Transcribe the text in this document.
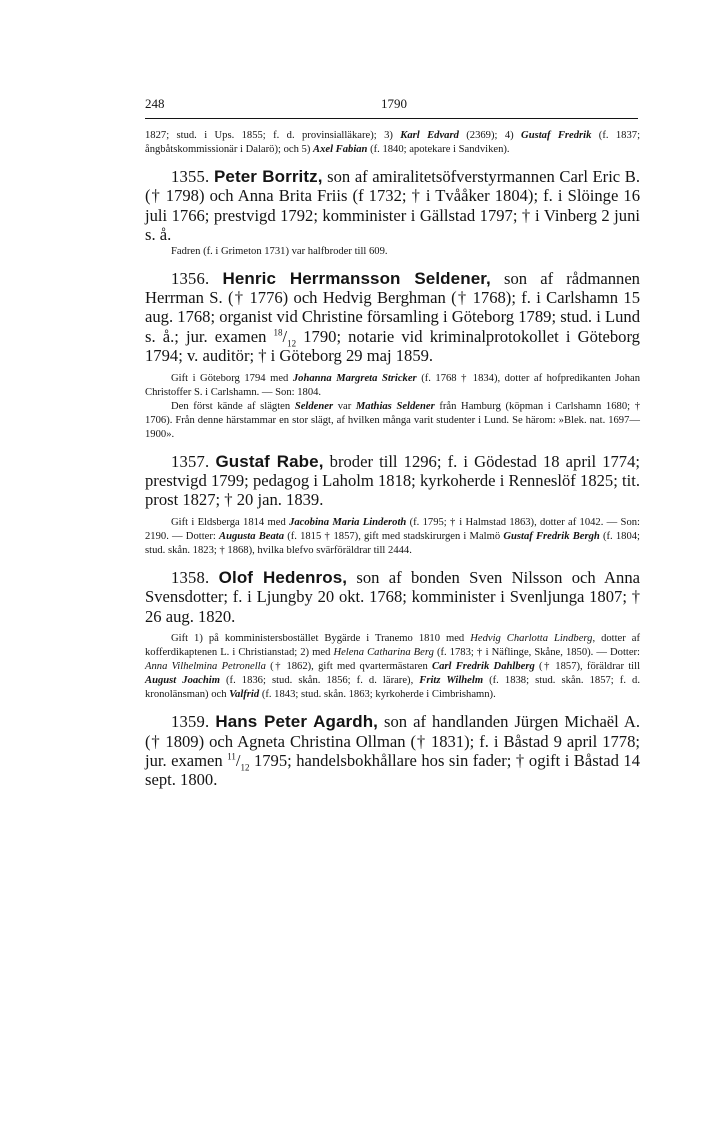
248	1790

1827; stud. i Ups. 1855; f. d. provinsialläkare); 3) Karl Edvard (2369); 4) Gustaf Fredrik (f. 1837; ångbåtskommissionär i Dalarö); och 5) Axel Fabian (f. 1840; apotekare i Sandviken).

1355. Peter Borritz, son af amiralitetsöfverstyrmannen Carl Eric B. († 1798) och Anna Brita Friis (f 1732; † i Tvååker 1804); f. i Slöinge 16 juli 1766; prestvigd 1792; komminister i Gällstad 1797; † i Vinberg 2 juni s. å.

Fadren (f. i Grimeton 1731) var halfbroder till 609.

1356. Henric Herrmansson Seldener, son af rådmannen Herrman S. († 1776) och Hedvig Berghman († 1768); f. i Carlshamn 15 aug. 1768; organist vid Christine församling i Göteborg 1789; stud. i Lund s. å.; jur. examen $^{18}/_{12}$ 1790; notarie vid kriminalprotokollet i Göteborg 1794; v. auditör; † i Göteborg 29 maj 1859.

Gift i Göteborg 1794 med Johanna Margreta Stricker (f. 1768 † 1834), dotter af hofpredikanten Johan Christoffer S. i Carlshamn. — Son: 1804.

Den först kände af slägten Seldener var Mathias Seldener från Hamburg (köpman i Carlshamn 1680; † 1706). Från denne härstammar en stor slägt, af hvilken många varit studenter i Lund. Se härom: »Blek. nat. 1697—1900».

1357. Gustaf Rabe, broder till 1296; f. i Gödestad 18 april 1774; prestvigd 1799; pedagog i Laholm 1818; kyrkoherde i Renneslöf 1825; tit. prost 1827; † 20 jan. 1839.

Gift i Eldsberga 1814 med Jacobina Maria Linderoth (f. 1795; † i Halmstad 1863), dotter af 1042. — Son: 2190. — Dotter: Augusta Beata (f. 1815 † 1857), gift med stadskirurgen i Malmö Gustaf Fredrik Bergh (f. 1804; stud. skån. 1823; † 1868), hvilka blefvo svärföräldrar till 2444.

1358. Olof Hedenros, son af bonden Sven Nilsson och Anna Svensdotter; f. i Ljungby 20 okt. 1768; komminister i Svenljunga 1807; † 26 aug. 1820.

Gift 1) på komministersbostället Bygärde i Tranemo 1810 med Hedvig Charlotta Lindberg, dotter af kofferdikaptenen L. i Christianstad; 2) med Helena Catharina Berg (f. 1783; † i Näflinge, Skåne, 1850). — Dotter: Anna Vilhelmina Petronella († 1862), gift med qvartermästaren Carl Fredrik Dahlberg († 1857), föräldrar till August Joachim (f. 1836; stud. skån. 1856; f. d. lärare), Fritz Wilhelm (f. 1838; stud. skån. 1857; f. d. kronolänsman) och Valfrid (f. 1843; stud. skån. 1863; kyrkoherde i Cimbrishamn).

1359. Hans Peter Agardh, son af handlanden Jürgen Michaël A. († 1809) och Agneta Christina Ollman († 1831); f. i Båstad 9 april 1778; jur. examen $^{11}/_{12}$ 1795; handelsbokhållare hos sin fader; † ogift i Båstad 14 sept. 1800.
